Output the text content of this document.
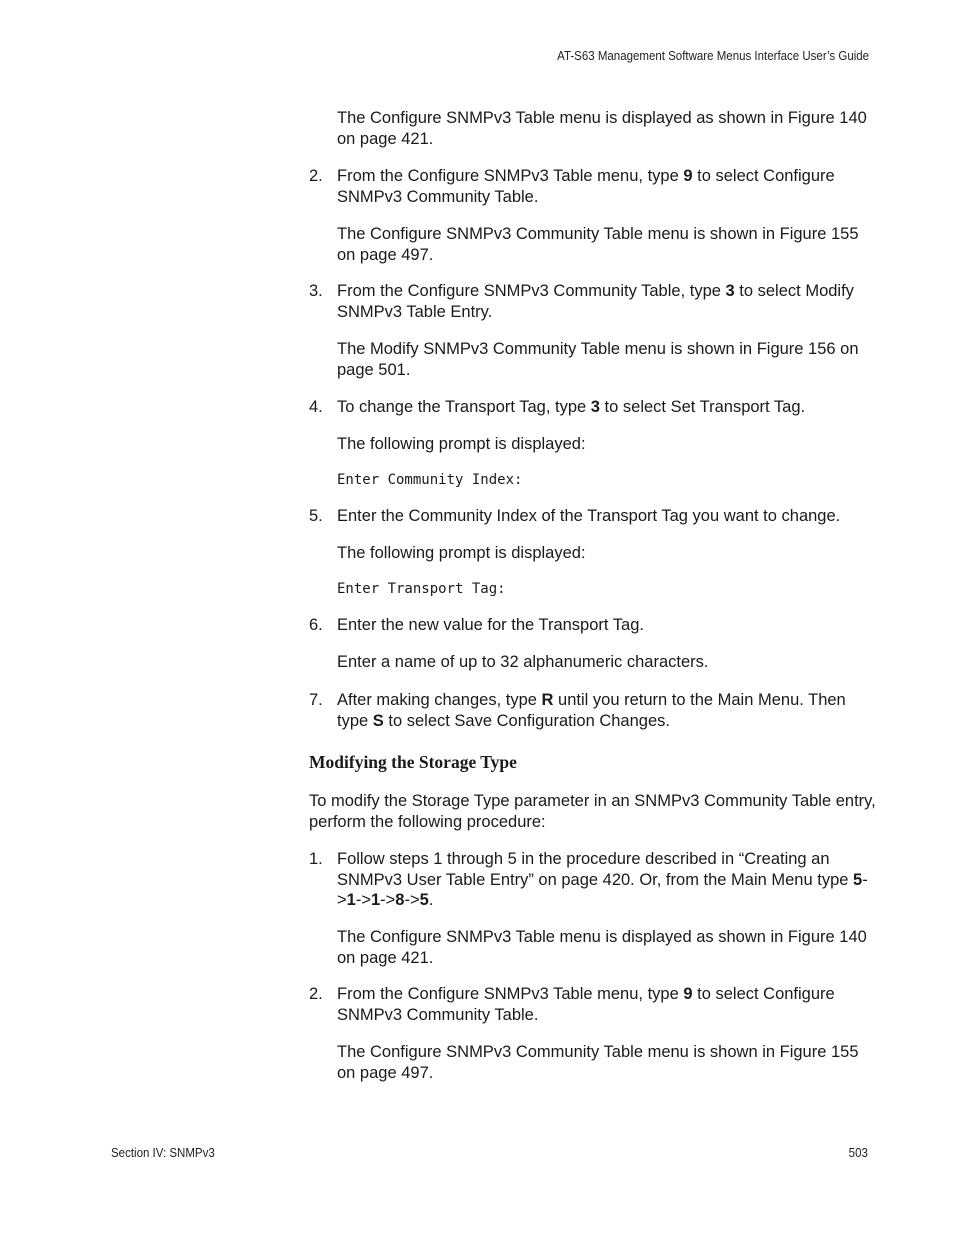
AT-S63 Management Software Menus Interface User’s Guide
The Configure SNMPv3 Table menu is displayed as shown in Figure 140 on page 421.
2. From the Configure SNMPv3 Table menu, type 9 to select Configure SNMPv3 Community Table.
The Configure SNMPv3 Community Table menu is shown in Figure 155 on page 497.
3. From the Configure SNMPv3 Community Table, type 3 to select Modify SNMPv3 Table Entry.
The Modify SNMPv3 Community Table menu is shown in Figure 156 on page 501.
4. To change the Transport Tag, type 3 to select Set Transport Tag.
The following prompt is displayed:
Enter Community Index:
5. Enter the Community Index of the Transport Tag you want to change.
The following prompt is displayed:
Enter Transport Tag:
6. Enter the new value for the Transport Tag.
Enter a name of up to 32 alphanumeric characters.
7. After making changes, type R until you return to the Main Menu. Then type S to select Save Configuration Changes.
Modifying the Storage Type
To modify the Storage Type parameter in an SNMPv3 Community Table entry, perform the following procedure:
1. Follow steps 1 through 5 in the procedure described in “Creating an SNMPv3 User Table Entry” on page 420. Or, from the Main Menu type 5->1->1->8->5.
The Configure SNMPv3 Table menu is displayed as shown in Figure 140 on page 421.
2. From the Configure SNMPv3 Table menu, type 9 to select Configure SNMPv3 Community Table.
The Configure SNMPv3 Community Table menu is shown in Figure 155 on page 497.
Section IV: SNMPv3	503
